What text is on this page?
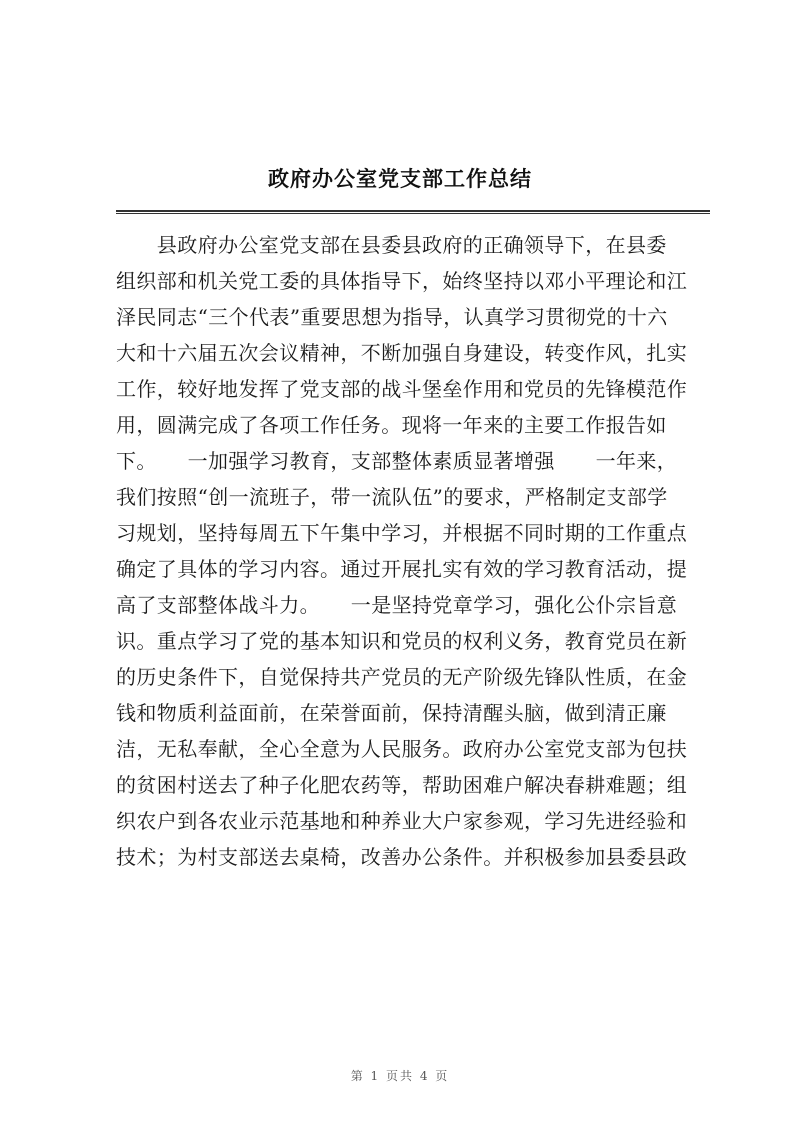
政府办公室党支部工作总结
　　县政府办公室党支部在县委县政府的正确领导下，在县委
组织部和机关党工委的具体指导下，始终坚持以邓小平理论和江
泽民同志“三个代表”重要思想为指导，认真学习贯彻党的十六
大和十六届五次会议精神，不断加强自身建设，转变作风，扎实
工作，较好地发挥了党支部的战斗堡垒作用和党员的先锋模范作
用，圆满完成了各项工作任务。现将一年来的主要工作报告如
下。　　一加强学习教育，支部整体素质显著增强　　一年来，
我们按照“创一流班子，带一流队伍”的要求，严格制定支部学
习规划，坚持每周五下午集中学习，并根据不同时期的工作重点
确定了具体的学习内容。通过开展扎实有效的学习教育活动，提
高了支部整体战斗力。　　一是坚持党章学习，强化公仆宗旨意
识。重点学习了党的基本知识和党员的权利义务，教育党员在新
的历史条件下，自觉保持共产党员的无产阶级先锋队性质，在金
钱和物质利益面前，在荣誉面前，保持清醒头脑，做到清正廉
洁，无私奉献，全心全意为人民服务。政府办公室党支部为包扶
的贫困村送去了种子化肥农药等，帮助困难户解决春耕难题；组
织农户到各农业示范基地和种养业大户家参观，学习先进经验和
技术；为村支部送去桌椅，改善办公条件。并积极参加县委县政
第 1 页共 4 页
